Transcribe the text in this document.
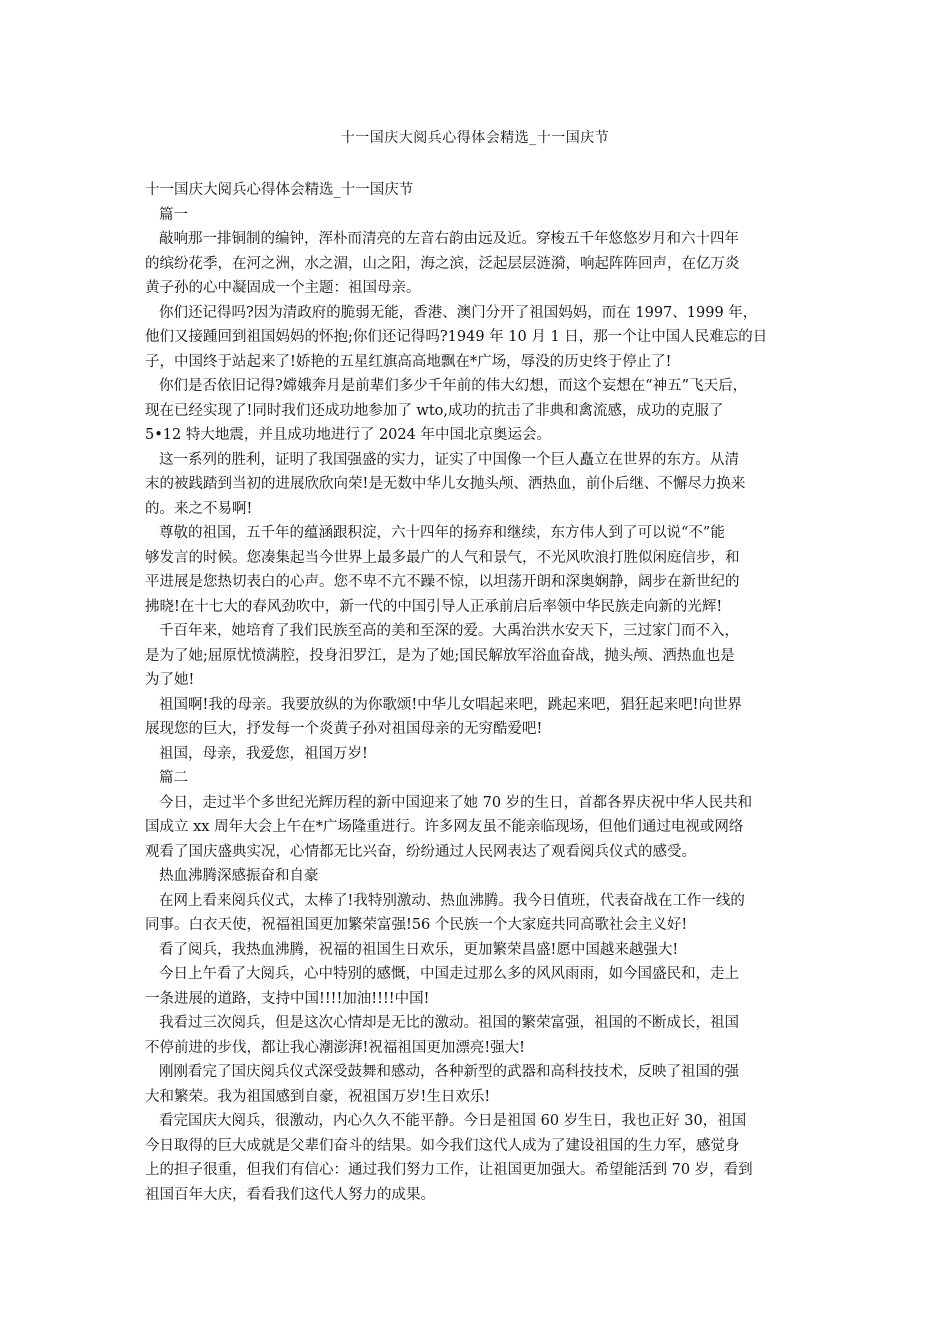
十一国庆大阅兵心得体会精选_十一国庆节
十一国庆大阅兵心得体会精选_十一国庆节
篇一
敲响那一排铜制的编钟，浑朴而清亮的左音右韵由远及近。穿梭五千年悠悠岁月和六十四年
的缤纷花季，在河之洲，水之湄，山之阳，海之滨，泛起层层涟漪，响起阵阵回声，在亿万炎
黄子孙的心中凝固成一个主题：祖国母亲。
你们还记得吗?因为清政府的脆弱无能，香港、澳门分开了祖国妈妈，而在 1997、1999 年，
他们又接踵回到祖国妈妈的怀抱;你们还记得吗?1949 年 10 月 1 日，那一个让中国人民难忘的日
子，中国终于站起来了!娇艳的五星红旗高高地飘在*广场，辱没的历史终于停止了!
你们是否依旧记得?嫦娥奔月是前辈们多少千年前的伟大幻想，而这个妄想在“神五”飞天后，
现在已经实现了!同时我们还成功地参加了 wto,成功的抗击了非典和禽流感，成功的克服了
5•12 特大地震，并且成功地进行了 2024 年中国北京奥运会。
这一系列的胜利，证明了我国强盛的实力，证实了中国像一个巨人矗立在世界的东方。从清
末的被践踏到当初的进展欣欣向荣!是无数中华儿女抛头颅、洒热血，前仆后继、不懈尽力换来
的。来之不易啊!
尊敬的祖国，五千年的蕴涵跟积淀，六十四年的扬弃和继续，东方伟人到了可以说“不”能
够发言的时候。您凑集起当今世界上最多最广的人气和景气，不光风吹浪打胜似闲庭信步，和
平进展是您热切表白的心声。您不卑不亢不躁不惊，以坦荡开朗和深奥娴静，阔步在新世纪的
拂晓!在十七大的春风劲吹中，新一代的中国引导人正承前启后率领中华民族走向新的光辉!
千百年来，她培育了我们民族至高的美和至深的爱。大禹治洪水安天下，三过家门而不入，
是为了她;屈原忧愤满腔，投身汨罗江，是为了她;国民解放军浴血奋战，抛头颅、洒热血也是
为了她!
祖国啊!我的母亲。我要放纵的为你歌颂!中华儿女唱起来吧，跳起来吧，猖狂起来吧!向世界
展现您的巨大，抒发每一个炎黄子孙对祖国母亲的无穷酷爱吧!
祖国，母亲，我爱您，祖国万岁!
篇二
今日，走过半个多世纪光辉历程的新中国迎来了她 70 岁的生日，首都各界庆祝中华人民共和
国成立 xx 周年大会上午在*广场隆重进行。许多网友虽不能亲临现场，但他们通过电视或网络
观看了国庆盛典实况，心情都无比兴奋，纷纷通过人民网表达了观看阅兵仪式的感受。
热血沸腾深感振奋和自豪
在网上看来阅兵仪式，太棒了!我特别激动、热血沸腾。我今日值班，代表奋战在工作一线的
同事。白衣天使，祝福祖国更加繁荣富强!56 个民族一个大家庭共同高歌社会主义好!
看了阅兵，我热血沸腾，祝福的祖国生日欢乐，更加繁荣昌盛!愿中国越来越强大!
今日上午看了大阅兵，心中特别的感慨，中国走过那么多的风风雨雨，如今国盛民和，走上
一条进展的道路，支持中国!!!!加油!!!!中国!
我看过三次阅兵，但是这次心情却是无比的激动。祖国的繁荣富强，祖国的不断成长，祖国
不停前进的步伐，都让我心潮澎湃!祝福祖国更加漂亮!强大!
刚刚看完了国庆阅兵仪式深受鼓舞和感动，各种新型的武器和高科技技术，反映了祖国的强
大和繁荣。我为祖国感到自豪，祝祖国万岁!生日欢乐!
看完国庆大阅兵，很激动，内心久久不能平静。今日是祖国 60 岁生日，我也正好 30，祖国
今日取得的巨大成就是父辈们奋斗的结果。如今我们这代人成为了建设祖国的生力军，感觉身
上的担子很重，但我们有信心：通过我们努力工作，让祖国更加强大。希望能活到 70 岁，看到
祖国百年大庆，看看我们这代人努力的成果。
